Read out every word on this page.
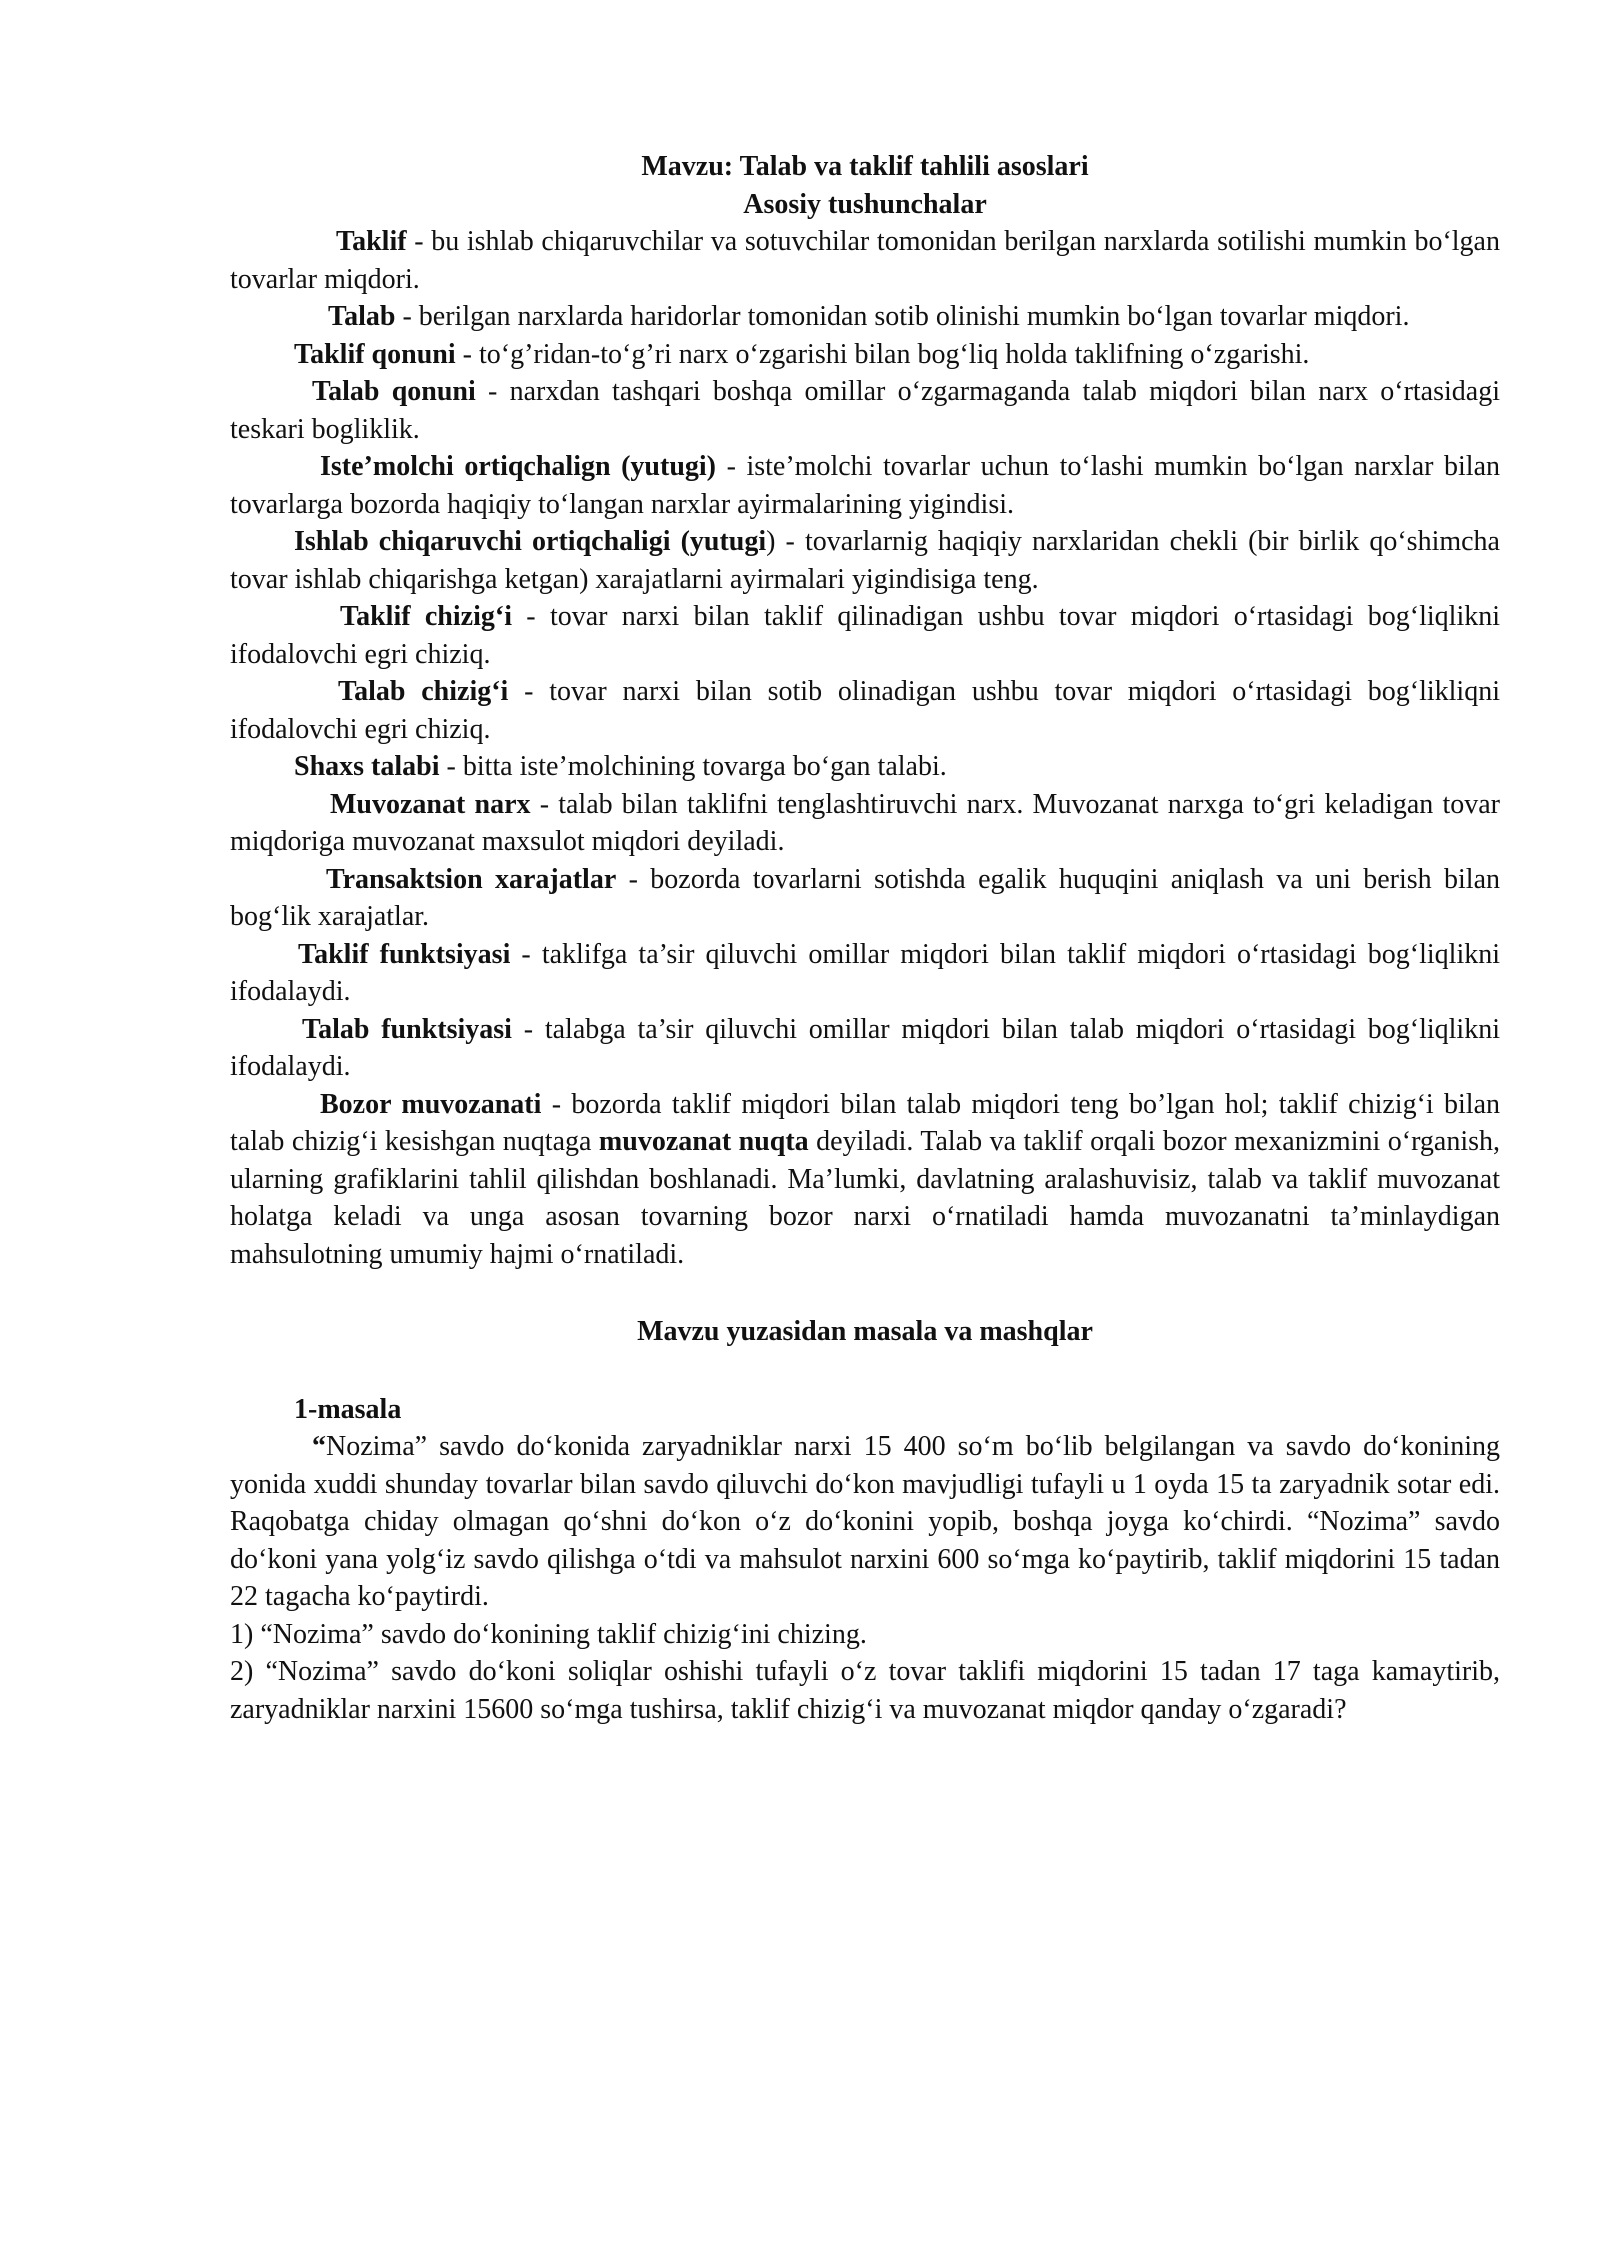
Mavzu: Talab va taklif tahlili asoslari
Asosiy tushunchalar

Taklif - bu ishlab chiqaruvchilar va sotuvchilar tomonidan berilgan narxlarda sotilishi mumkin bo‘lgan tovarlar miqdori.

Talab - berilgan narxlarda haridorlar tomonidan sotib olinishi mumkin bo‘lgan tovarlar miqdori.

Taklif qonuni - to‘g’ridan-to‘g’ri narx o‘zgarishi bilan bog‘liq holda taklifning o‘zgarishi.

Talab qonuni - narxdan tashqari boshqa omillar o‘zgarmaganda talab miqdori bilan narx o‘rtasidagi teskari bogliklik.

Iste’molchi ortiqchalign (yutugi) - iste’molchi tovarlar uchun to‘lashi mumkin bo‘lgan narxlar bilan tovarlarga bozorda haqiqiy to‘langan narxlar ayirmalarining yigindisi.

Ishlab chiqaruvchi ortiqchaligi (yutugi) - tovarlarnig haqiqiy narxlaridan chekli (bir birlik qo‘shimcha tovar ishlab chiqarishga ketgan) xarajatlarni ayirmalari yigindisiga teng.

Taklif chizig‘i - tovar narxi bilan taklif qilinadigan ushbu tovar miqdori o‘rtasidagi bog‘liqlikni ifodalovchi egri chiziq.

Talab chizig‘i - tovar narxi bilan sotib olinadigan ushbu tovar miqdori o‘rtasidagi bog‘likliqni ifodalovchi egri chiziq.

Shaxs talabi - bitta iste’molchining tovarga bo‘gan talabi.

Muvozanat narx - talab bilan taklifni tenglashtiruvchi narx. Muvozanat narxga to‘gri keladigan tovar miqdoriga muvozanat maxsulot miqdori deyiladi.

Transaktsion xarajatlar - bozorda tovarlarni sotishda egalik huquqini aniqlash va uni berish bilan bog‘lik xarajatlar.

Taklif funktsiyasi - taklifga ta’sir qiluvchi omillar miqdori bilan taklif miqdori o‘rtasidagi bog‘liqlikni ifodalaydi.

Talab funktsiyasi - talabga ta’sir qiluvchi omillar miqdori bilan talab miqdori o‘rtasidagi bog‘liqlikni ifodalaydi.

Bozor muvozanati - bozorda taklif miqdori bilan talab miqdori teng bo’lgan hol; taklif chizig‘i bilan talab chizig‘i kesishgan nuqtaga muvozanat nuqta deyiladi. Talab va taklif orqali bozor mexanizmini o‘rganish, ularning grafiklarini tahlil qilishdan boshlanadi. Ma’lumki, davlatning aralashuvisiz, talab va taklif muvozanat holatga keladi va unga asosan tovarning bozor narxi o‘rnatiladi hamda muvozanatni ta’minlaydigan mahsulotning umumiy hajmi o‘rnatiladi.

Mavzu yuzasidan masala va mashqlar
1-masala

“Nozima” savdo do‘konida zaryadniklar narxi 15 400 so‘m bo‘lib belgilangan va savdo do‘konining yonida xuddi shunday tovarlar bilan savdo qiluvchi do‘kon mavjudligi tufayli u 1 oyda 15 ta zaryadnik sotar edi. Raqobatga chiday olmagan qo‘shni do‘kon o‘z do‘konini yopib, boshqa joyga ko‘chirdi. “Nozima” savdo do‘koni yana yolg‘iz savdo qilishga o‘tdi va mahsulot narxini 600 so‘mga ko‘paytirib, taklif miqdorini 15 tadan 22 tagacha ko‘paytirdi.

1) “Nozima” savdo do‘konining taklif chizig‘ini chizing.

2) “Nozima” savdo do‘koni soliqlar oshishi tufayli o‘z tovar taklifi miqdorini 15 tadan 17 taga kamaytirib, zaryadniklar narxini 15600 so‘mga tushirsa, taklif chizig‘i va muvozanat miqdor qanday o‘zgaradi?
